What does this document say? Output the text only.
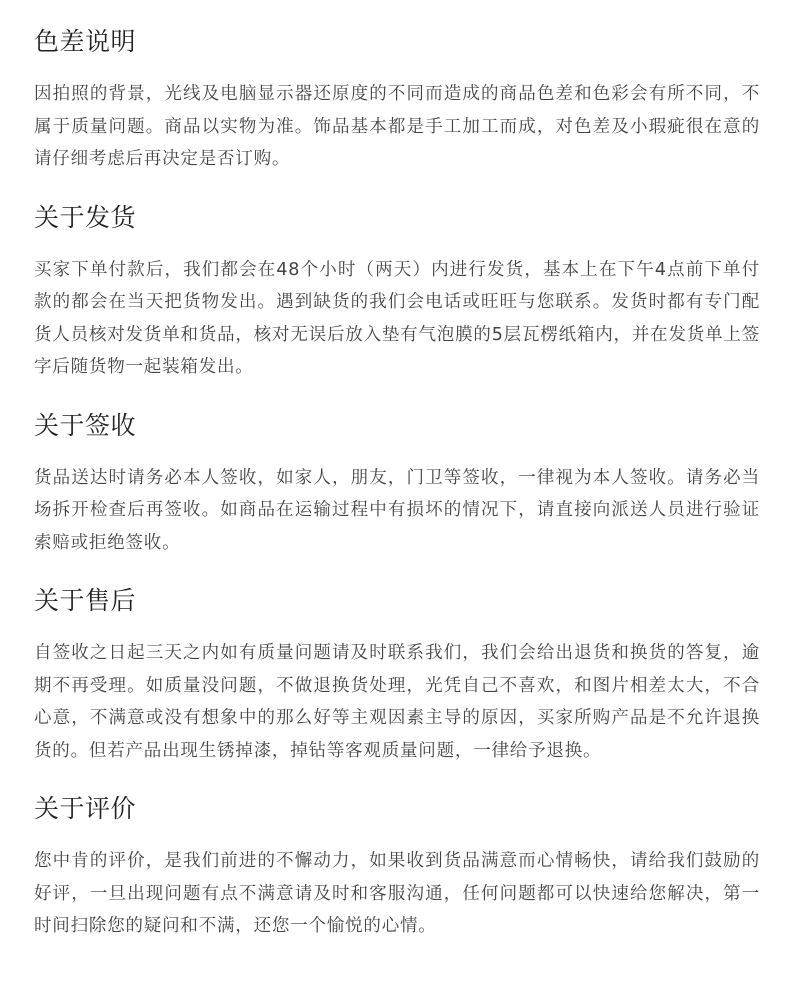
色差说明

因拍照的背景，光线及电脑显示器还原度的不同而造成的商品色差和色彩会有所不同，不属于质量问题。商品以实物为准。饰品基本都是手工加工而成，对色差及小瑕疵很在意的请仔细考虑后再决定是否订购。

关于发货

买家下单付款后，我们都会在48个小时（两天）内进行发货，基本上在下午4点前下单付款的都会在当天把货物发出。遇到缺货的我们会电话或旺旺与您联系。发货时都有专门配货人员核对发货单和货品，核对无误后放入垫有气泡膜的5层瓦楞纸箱内，并在发货单上签字后随货物一起装箱发出。

关于签收

货品送达时请务必本人签收，如家人，朋友，门卫等签收，一律视为本人签收。请务必当场拆开检查后再签收。如商品在运输过程中有损坏的情况下，请直接向派送人员进行验证索赔或拒绝签收。

关于售后

自签收之日起三天之内如有质量问题请及时联系我们，我们会给出退货和换货的答复，逾期不再受理。如质量没问题，不做退换货处理，光凭自己不喜欢，和图片相差太大，不合心意，不满意或没有想象中的那么好等主观因素主导的原因，买家所购产品是不允许退换货的。但若产品出现生锈掉漆，掉钻等客观质量问题，一律给予退换。

关于评价

您中肯的评价，是我们前进的不懈动力，如果收到货品满意而心情畅快，请给我们鼓励的好评，一旦出现问题有点不满意请及时和客服沟通，任何问题都可以快速给您解决，第一时间扫除您的疑问和不满，还您一个愉悦的心情。
